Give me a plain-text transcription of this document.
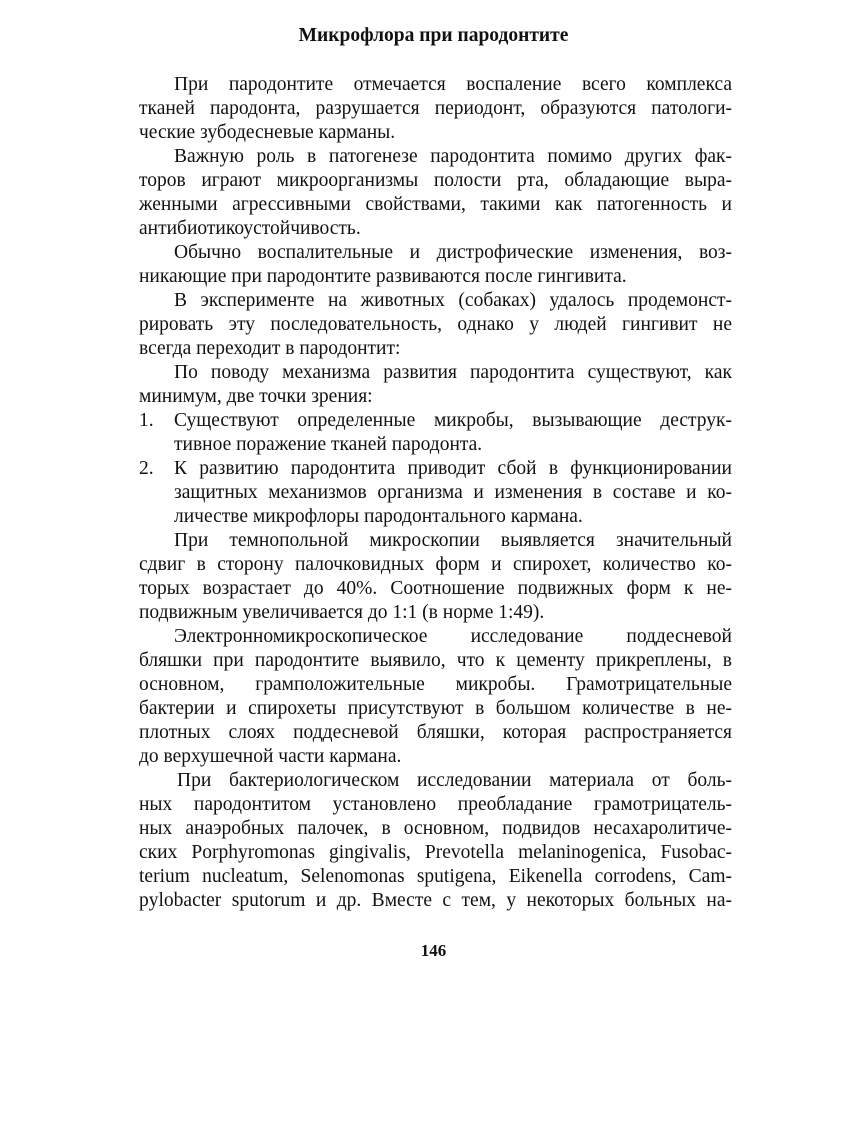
Микрофлора при пародонтите
При пародонтите отмечается воспаление всего комплекса
тканей пародонта, разрушается периодонт, образуются патологи-
ческие зубодесневые карманы.
Важную роль в патогенезе пародонтита помимо других фак-
торов играют микроорганизмы полости рта, обладающие выра-
женными агрессивными свойствами, такими как патогенность и
антибиотикоустойчивость.
Обычно воспалительные и дистрофические изменения, воз-
никающие при пародонтите развиваются после гингивита.
В эксперименте на животных (собаках) удалось продемонст-
рировать эту последовательность, однако у людей гингивит не
всегда переходит в пародонтит:
По поводу механизма развития пародонтита существуют, как
минимум, две точки зрения:
1. Существуют определенные микробы, вызывающие деструк-
тивное поражение тканей пародонта.
2. К развитию пародонтита приводит сбой в функционировании
защитных механизмов организма и изменения в составе и ко-
личестве микрофлоры пародонтального кармана.
При темнопольной микроскопии выявляется значительный
сдвиг в сторону палочковидных форм и спирохет, количество ко-
торых возрастает до 40%. Соотношение подвижных форм к не-
подвижным увеличивается до 1:1 (в норме 1:49).
Электронномикроскопическое исследование поддесневой
бляшки при пародонтите выявило, что к цементу прикреплены, в
основном, грамположительные микробы. Грамотрицательные
бактерии и спирохеты присутствуют в большом количестве в не-
плотных слоях поддесневой бляшки, которая распространяется
до верхушечной части кармана.
При бактериологическом исследовании материала от боль-
ных пародонтитом установлено преобладание грамотрицатель-
ных анаэробных палочек, в основном, подвидов несахаролитиче-
ских Porphyromonas gingivalis, Prevotella melaninogenica, Fusobac-
terium nucleatum, Selenomonas sputigena, Eikenella corrodens, Cam-
pylobacter sputorum и др. Вместе с тем, у некоторых больных на-
146
